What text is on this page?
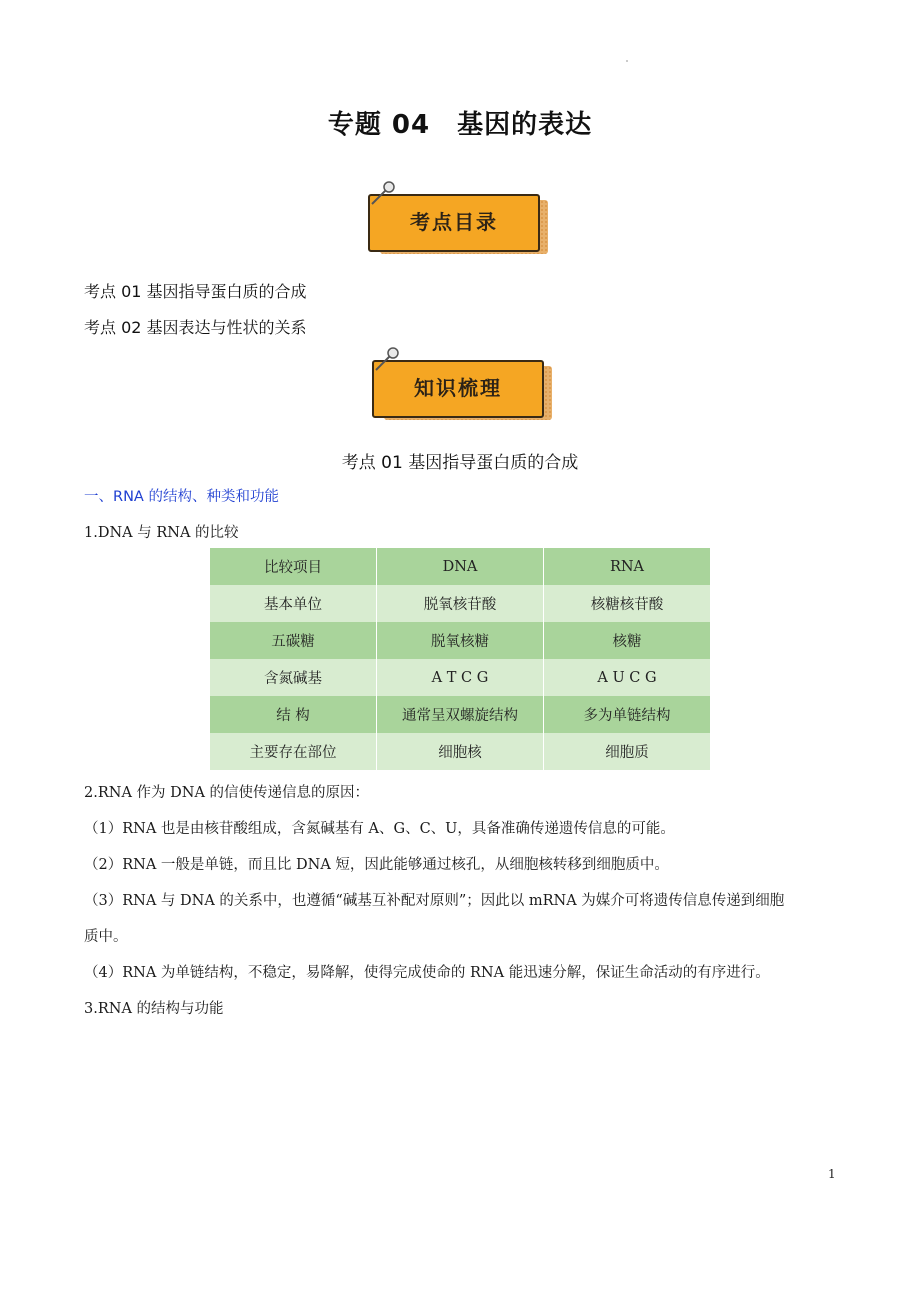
专题 04　基因的表达
考点目录
考点 01 基因指导蛋白质的合成
考点 02 基因表达与性状的关系
知识梳理
考点 01 基因指导蛋白质的合成
一、RNA 的结构、种类和功能
1.DNA 与 RNA 的比较
比较项目	DNA	RNA
基本单位	脱氧核苷酸	核糖核苷酸
五碳糖	脱氧核糖	核糖
含氮碱基	A T C G	A U C G
结 构	通常呈双螺旋结构	多为单链结构
主要存在部位	细胞核	细胞质
2.RNA 作为 DNA 的信使传递信息的原因：
（1）RNA 也是由核苷酸组成，含氮碱基有 A、G、C、U，具备准确传递遗传信息的可能。
（2）RNA 一般是单链，而且比 DNA 短，因此能够通过核孔，从细胞核转移到细胞质中。
（3）RNA 与 DNA 的关系中，也遵循“碱基互补配对原则”；因此以 mRNA 为媒介可将遗传信息传递到细胞
质中。
（4）RNA 为单链结构，不稳定，易降解，使得完成使命的 RNA 能迅速分解，保证生命活动的有序进行。
3.RNA 的结构与功能
1
